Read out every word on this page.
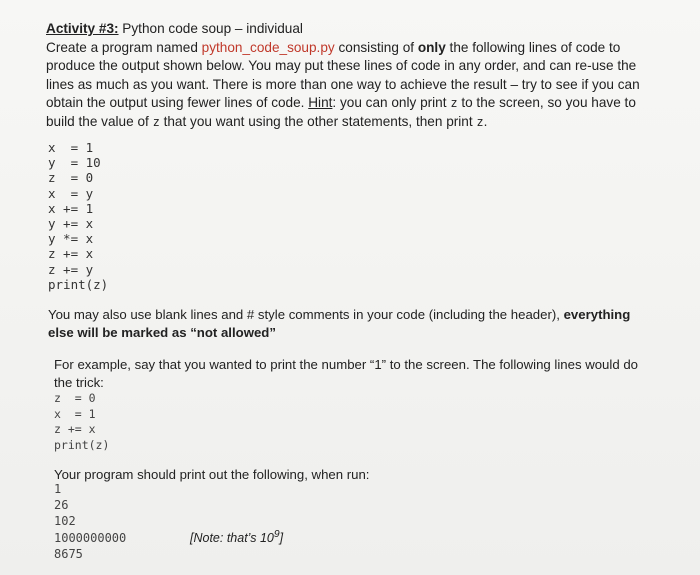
Activity #3: Python code soup – individual
Create a program named python_code_soup.py consisting of only the following lines of code to produce the output shown below. You may put these lines of code in any order, and can re-use the lines as much as you want. There is more than one way to achieve the result – try to see if you can obtain the output using fewer lines of code. Hint: you can only print z to the screen, so you have to build the value of z that you want using the other statements, then print z.
x  = 1
y  = 10
z  = 0
x  = y
x += 1
y += x
y *= x
z += x
z += y
print(z)
You may also use blank lines and # style comments in your code (including the header), everything else will be marked as “not allowed”
For example, say that you wanted to print the number “1” to the screen. The following lines would do the trick:
z  = 0
x  = 1
z += x
print(z)
Your program should print out the following, when run:
1
26
102
1000000000
8675
[Note: that’s $10^9$]
